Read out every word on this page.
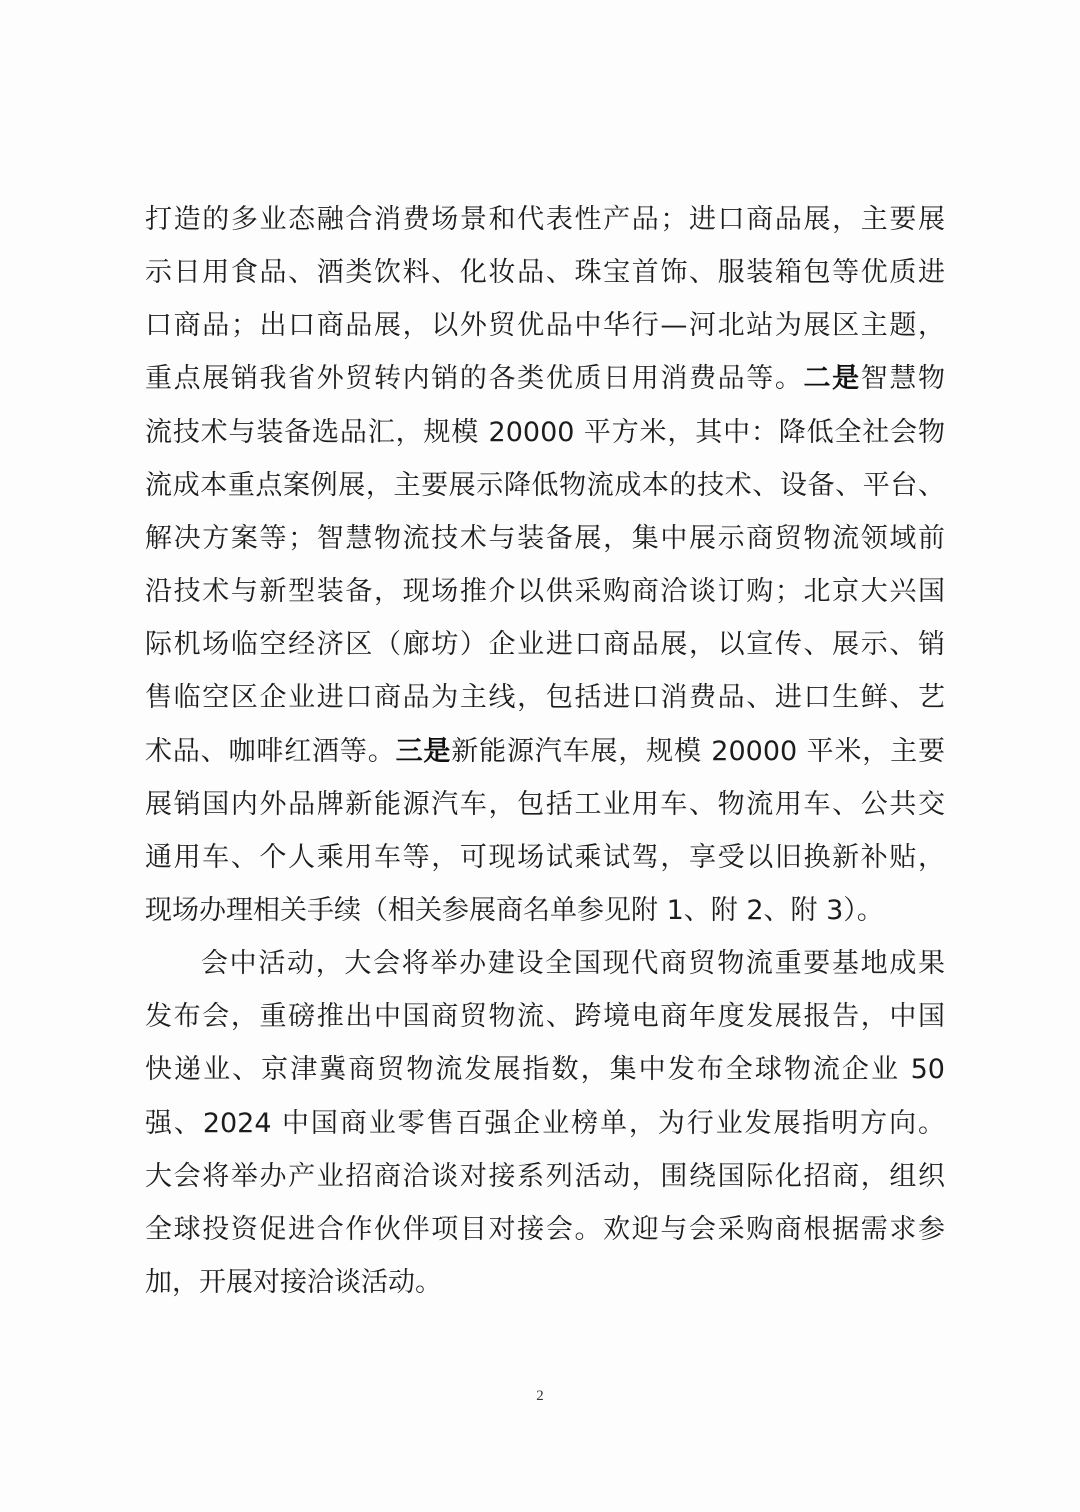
打造的多业态融合消费场景和代表性产品；进口商品展，主要展
示日用食品、酒类饮料、化妆品、珠宝首饰、服装箱包等优质进
口商品；出口商品展，以外贸优品中华行—河北站为展区主题，
重点展销我省外贸转内销的各类优质日用消费品等。二是智慧物
流技术与装备选品汇，规模 20000 平方米，其中：降低全社会物
流成本重点案例展，主要展示降低物流成本的技术、设备、平台、
解决方案等；智慧物流技术与装备展，集中展示商贸物流领域前
沿技术与新型装备，现场推介以供采购商洽谈订购；北京大兴国
际机场临空经济区（廊坊）企业进口商品展，以宣传、展示、销
售临空区企业进口商品为主线，包括进口消费品、进口生鲜、艺
术品、咖啡红酒等。三是新能源汽车展，规模 20000 平米，主要
展销国内外品牌新能源汽车，包括工业用车、物流用车、公共交
通用车、个人乘用车等，可现场试乘试驾，享受以旧换新补贴，
现场办理相关手续（相关参展商名单参见附 1、附 2、附 3）。
会中活动，大会将举办建设全国现代商贸物流重要基地成果
发布会，重磅推出中国商贸物流、跨境电商年度发展报告，中国
快递业、京津冀商贸物流发展指数，集中发布全球物流企业 50
强、2024 中国商业零售百强企业榜单，为行业发展指明方向。
大会将举办产业招商洽谈对接系列活动，围绕国际化招商，组织
全球投资促进合作伙伴项目对接会。欢迎与会采购商根据需求参
加，开展对接洽谈活动。
2
